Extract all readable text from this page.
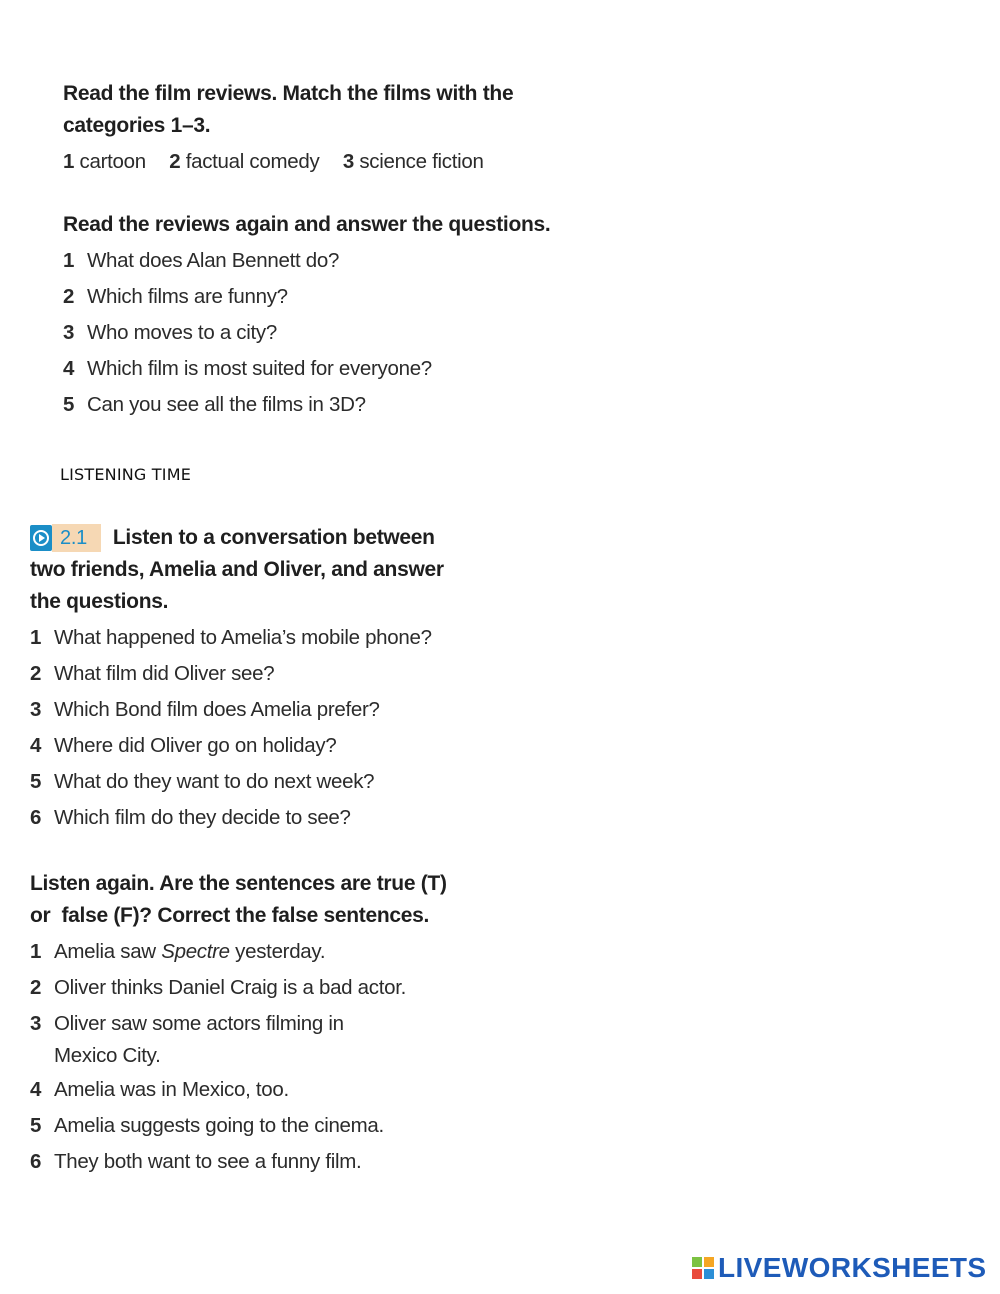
Read the film reviews. Match the films with the
categories 1–3.
1 cartoon 2 factual comedy 3 science fiction
Read the reviews again and answer the questions.
1 What does Alan Bennett do?
2 Which films are funny?
3 Who moves to a city?
4 Which film is most suited for everyone?
5 Can you see all the films in 3D?
LISTENING TIME
2.1	Listen to a conversation between
two friends, Amelia and Oliver, and answer
the questions.
1 What happened to Amelia’s mobile phone?
2 What film did Oliver see?
3 Which Bond film does Amelia prefer?
4 Where did Oliver go on holiday?
5 What do they want to do next week?
6 Which film do they decide to see?
Listen again. Are the sentences are true (T)
or  false (F)? Correct the false sentences.
1 Amelia saw Spectre yesterday.
2 Oliver thinks Daniel Craig is a bad actor.
3 Oliver saw some actors filming in
Mexico City.
4 Amelia was in Mexico, too.
5 Amelia suggests going to the cinema.
6 They both want to see a funny film.
LIVEWORKSHEETS
